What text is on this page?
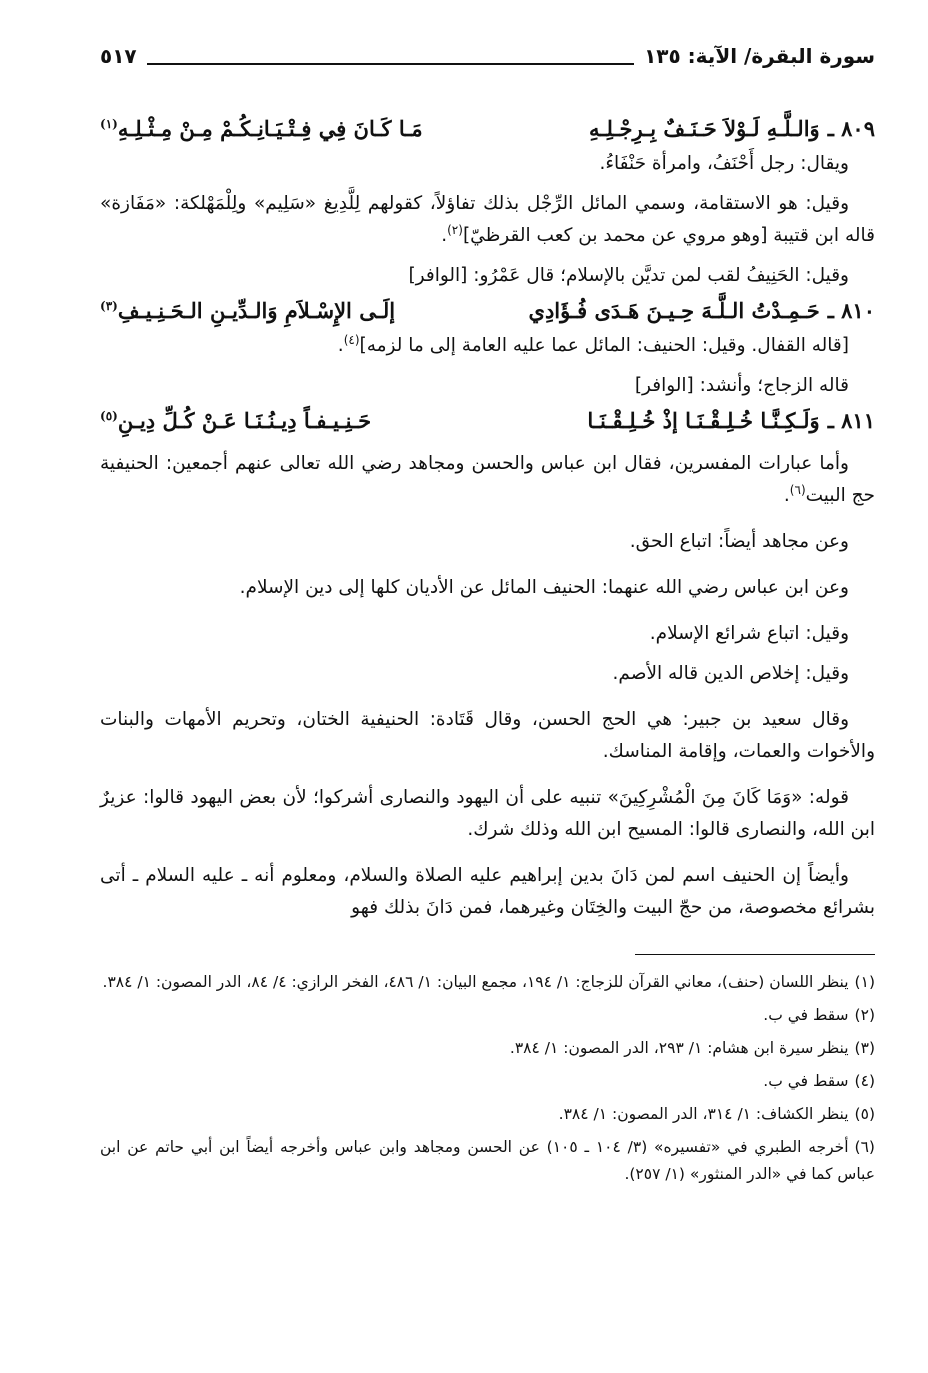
سورة البقرة/ الآية: ١٣٥
٥١٧
٨٠٩ ـ
وَالـلَّـهِ لَـوْلاَ حَـنَـفٌ بِـرِجْـلِـهِ
مَـا كَـانَ فِي فِـتْـيَـانِـكُـمْ مِـنْ مِـثْـلِـهِ$^{(١)}$

ويقال: رجل أَحْنَفُ، وامرأة حَنْفَاءُ.

وقيل: هو الاستقامة، وسمي المائل الرِّجْل بذلك تفاؤلاً، كقولهم لِلَّدِيغ «سَلِيم» ولِلْمَهْلكة: «مَفَازة» قاله ابن قتيبة [وهو مروي عن محمد بن كعب القرظيّ]$^{(٢)}$.

وقيل: الحَنِيفُ لقب لمن تديَّن بالإسلام؛ قال عَمْرُو: [الوافر]

٨١٠ ـ
حَـمِـدْتُ الـلَّـهَ حِـيـنَ هَـدَى فُـؤَادِي
إلَـى الإِسْـلاَمِ وَالـدِّيـنِ الـحَـنِـيـفِ$^{(٣)}$

[قاله القفال. وقيل: الحنيف: المائل عما عليه العامة إلى ما لزمه]$^{(٤)}$.

قاله الزجاج؛ وأنشد: [الوافر]

٨١١ ـ
وَلَـكِـنَّـا خُـلِـقْـنَـا إذْ خُـلِـقْـنَـا
حَـنِـيـفـاً دِيـنُـنَـا عَـنْ كُـلِّ دِيـنِ$^{(٥)}$

وأما عبارات المفسرين، فقال ابن عباس والحسن ومجاهد رضي الله تعالى عنهم أجمعين: الحنيفية حج البيت$^{(٦)}$.

وعن مجاهد أيضاً: اتباع الحق.

وعن ابن عباس رضي الله عنهما: الحنيف المائل عن الأديان كلها إلى دين الإسلام.

وقيل: اتباع شرائع الإسلام.

وقيل: إخلاص الدين قاله الأصم.

وقال سعيد بن جبير: هي الحج الحسن، وقال قَتَادة: الحنيفية الختان، وتحريم الأمهات والبنات والأخوات والعمات، وإقامة المناسك.

قوله: «وَمَا كَانَ مِنَ الْمُشْرِكِينَ» تنبيه على أن اليهود والنصارى أشركوا؛ لأن بعض اليهود قالوا: عزيرٌ ابن الله، والنصارى قالوا: المسيح ابن الله وذلك شرك.

وأيضاً إن الحنيف اسم لمن دَانَ بدين إبراهيم عليه الصلاة والسلام، ومعلوم أنه ـ عليه السلام ـ أتى بشرائع مخصوصة، من حجّ البيت والخِتَان وغيرهما، فمن دَانَ بذلك فهو

(١)ينظر اللسان (حنف)، معاني القرآن للزجاج: ١/ ١٩٤، مجمع البيان: ١/ ٤٨٦، الفخر الرازي: ٤/ ٨٤، الدر المصون: ١/ ٣٨٤.

(٢)سقط في ب.

(٣)ينظر سيرة ابن هشام: ١/ ٢٩٣، الدر المصون: ١/ ٣٨٤.

(٤)سقط في ب.

(٥)ينظر الكشاف: ١/ ٣١٤، الدر المصون: ١/ ٣٨٤.

(٦)أخرجه الطبري في «تفسيره» (٣/ ١٠٤ ـ ١٠٥) عن الحسن ومجاهد وابن عباس وأخرجه أيضاً ابن أبي حاتم عن ابن عباس كما في «الدر المنثور» (١/ ٢٥٧).
